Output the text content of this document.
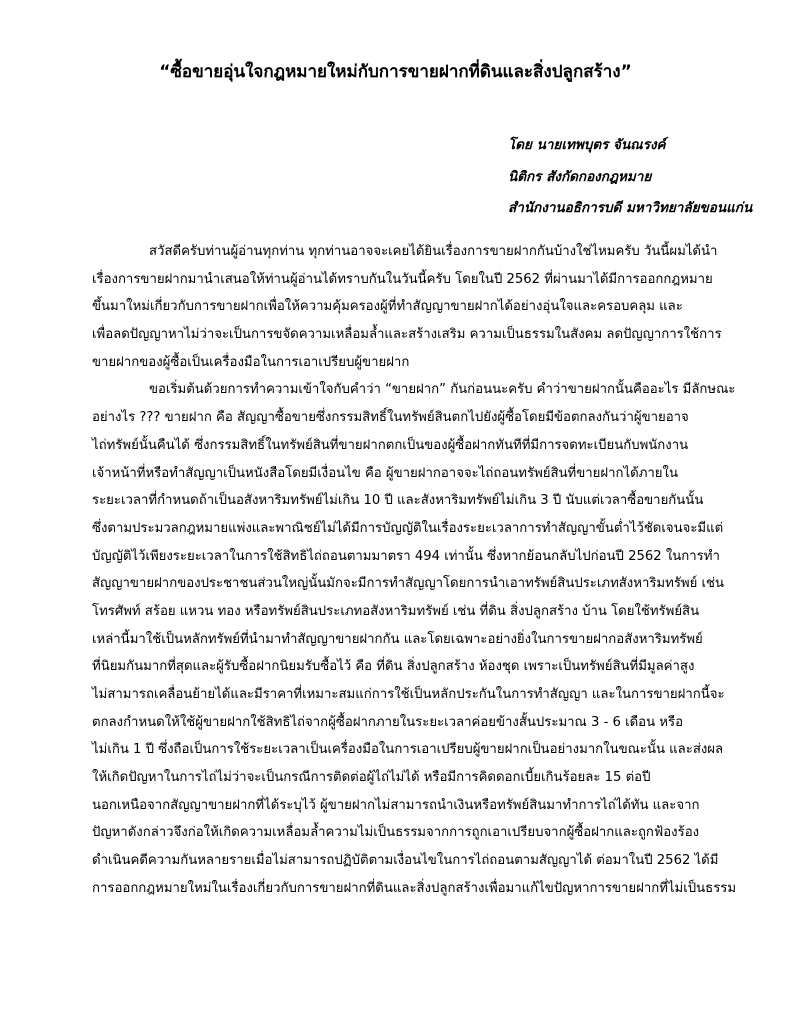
“ซื้อขายอุ่นใจกฎหมายใหม่กับการขายฝากที่ดินและสิ่งปลูกสร้าง”
โดย นายเทพบุตร จันณรงค์
นิติกร สังกัดกองกฎหมาย
สำนักงานอธิการบดี มหาวิทยาลัยขอนแก่น
สวัสดีครับท่านผู้อ่านทุกท่าน ทุกท่านอาจจะเคยได้ยินเรื่องการขายฝากกันบ้างใช่ไหมครับ วันนี้ผมได้นำ
เรื่องการขายฝากมานำเสนอให้ท่านผู้อ่านได้ทราบกันในวันนี้ครับ โดยในปี 2562 ที่ผ่านมาได้มีการออกกฎหมาย
ขึ้นมาใหม่เกี่ยวกับการขายฝากเพื่อให้ความคุ้มครองผู้ที่ทำสัญญาขายฝากได้อย่างอุ่นใจและครอบคลุม และ
เพื่อลดปัญญาหาไม่ว่าจะเป็นการขจัดความเหลื่อมล้ำและสร้างเสริม ความเป็นธรรมในสังคม ลดปัญญาการใช้การ
ขายฝากของผู้ซื้อเป็นเครื่องมือในการเอาเปรียบผู้ขายฝาก
ขอเริ่มต้นด้วยการทำความเข้าใจกับคำว่า “ขายฝาก” กันก่อนนะครับ คำว่าขายฝากนั้นคืออะไร มีลักษณะ
อย่างไร ??? ขายฝาก คือ สัญญาซื้อขายซึ่งกรรมสิทธิ์ในทรัพย์สินตกไปยังผู้ซื้อโดยมีข้อตกลงกันว่าผู้ขายอาจ
ไถ่ทรัพย์นั้นคืนได้ ซึ่งกรรมสิทธิ์ในทรัพย์สินที่ขายฝากตกเป็นของผู้ซื้อฝากทันทีที่มีการจดทะเบียนกับพนักงาน
เจ้าหน้าที่หรือทำสัญญาเป็นหนังสือโดยมีเงื่อนไข คือ ผู้ขายฝากอาจจะไถ่ถอนทรัพย์สินที่ขายฝากได้ภายใน
ระยะเวลาที่กำหนดถ้าเป็นอสังหาริมทรัพย์ไม่เกิน 10 ปี และสังหาริมทรัพย์ไม่เกิน 3 ปี นับแต่เวลาซื้อขายกันนั้น
ซึ่งตามประมวลกฎหมายแพ่งและพาณิชย์ไม่ได้มีการบัญญัติในเรื่องระยะเวลาการทำสัญญาขั้นต่ำไว้ชัดเจนจะมีแต่
บัญญัติไว้เพียงระยะเวลาในการใช้สิทธิไถ่ถอนตามมาตรา 494 เท่านั้น ซึ่งหากย้อนกลับไปก่อนปี 2562 ในการทำ
สัญญาขายฝากของประชาชนส่วนใหญ่นั้นมักจะมีการทำสัญญาโดยการนำเอาทรัพย์สินประเภทสังหาริมทรัพย์ เช่น
โทรศัพท์ สร้อย แหวน ทอง หรือทรัพย์สินประเภทอสังหาริมทรัพย์ เช่น ที่ดิน สิ่งปลูกสร้าง บ้าน โดยใช้ทรัพย์สิน
เหล่านี้มาใช้เป็นหลักทรัพย์ที่นำมาทำสัญญาขายฝากกัน และโดยเฉพาะอย่างยิ่งในการขายฝากอสังหาริมทรัพย์
ที่นิยมกันมากที่สุดและผู้รับซื้อฝากนิยมรับซื้อไว้ คือ ที่ดิน สิ่งปลูกสร้าง ห้องชุด เพราะเป็นทรัพย์สินที่มีมูลค่าสูง
ไม่สามารถเคลื่อนย้ายได้และมีราคาที่เหมาะสมแก่การใช้เป็นหลักประกันในการทำสัญญา และในการขายฝากนี้จะ
ตกลงกำหนดให้ใช้ผู้ขายฝากใช้สิทธิไถ่จากผู้ซื้อฝากภายในระยะเวลาค่อยข้างสั้นประมาณ 3 - 6 เดือน หรือ
ไม่เกิน 1 ปี ซึ่งถือเป็นการใช้ระยะเวลาเป็นเครื่องมือในการเอาเปรียบผู้ขายฝากเป็นอย่างมากในขณะนั้น และส่งผล
ให้เกิดปัญหาในการไถ่ไม่ว่าจะเป็นกรณีการติดต่อผู้ไถ่ไม่ได้ หรือมีการคิดดอกเบี้ยเกินร้อยละ 15 ต่อปี
นอกเหนือจากสัญญาขายฝากที่ได้ระบุไว้ ผู้ขายฝากไม่สามารถนำเงินหรือทรัพย์สินมาทำการไถ่ได้ทัน และจาก
ปัญหาดังกล่าวจึงก่อให้เกิดความเหลื่อมล้ำความไม่เป็นธรรมจากการถูกเอาเปรียบจากผู้ซื้อฝากและถูกฟ้องร้อง
ดำเนินคดีความกันหลายรายเมื่อไม่สามารถปฏิบัติตามเงื่อนไขในการไถ่ถอนตามสัญญาได้ ต่อมาในปี 2562 ได้มี
การออกกฎหมายใหม่ในเรื่องเกี่ยวกับการขายฝากที่ดินและสิ่งปลูกสร้างเพื่อมาแก้ไขปัญหาการขายฝากที่ไม่เป็นธรรม
